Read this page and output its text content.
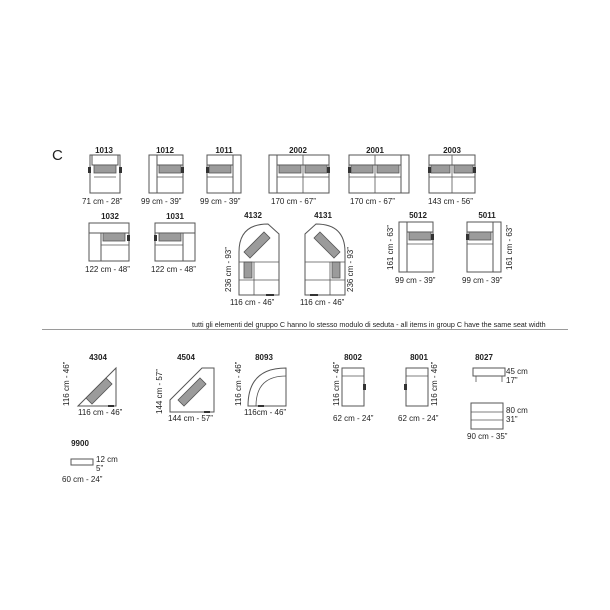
C	1013
71 cm - 28”
1012
99 cm - 39”
1011
99 cm - 39”
2002
170 cm - 67”
2001
170 cm - 67”
2003
143 cm - 56”
1032
122 cm - 48”
1031
122 cm - 48”
4132
236 cm - 93”
116 cm - 46”
4131
236 cm - 93”
116 cm - 46”
5012
161 cm - 63”
99 cm - 39”
5011
161 cm - 63”
99 cm - 39”
tutti gli elementi del gruppo C hanno lo stesso modulo di seduta - all items in group C have the same seat width
4304
116 cm - 46”
116 cm - 46”
4504
144 cm - 57”
144 cm - 57”
8093
116 cm - 46”
116cm - 46”
8002
116 cm - 46”
62 cm - 24”
8001
116 cm - 46”
62 cm - 24”
8027
45 cm
17”
80 cm
31”
90 cm - 35”
9900
12 cm
5”
60 cm - 24”
